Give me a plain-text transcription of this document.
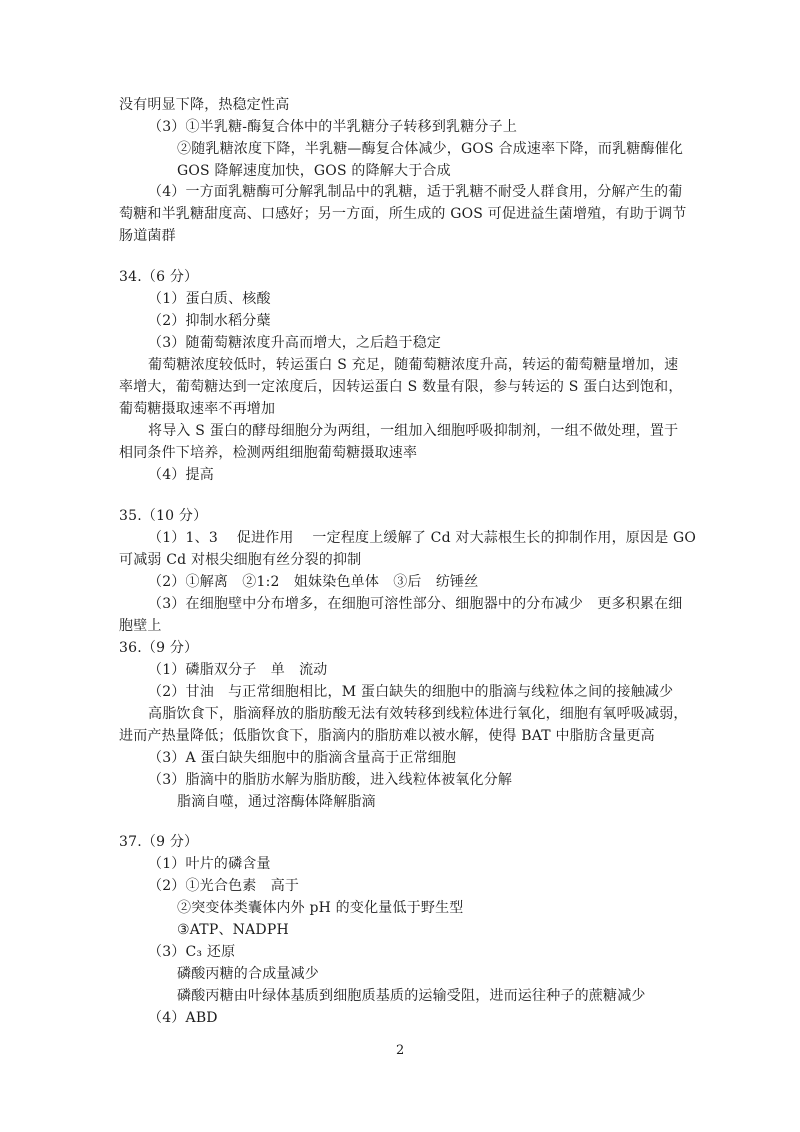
没有明显下降，热稳定性高
（3）①半乳糖-酶复合体中的半乳糖分子转移到乳糖分子上
②随乳糖浓度下降，半乳糖—酶复合体减少，GOS 合成速率下降，而乳糖酶催化
GOS 降解速度加快，GOS 的降解大于合成
（4）一方面乳糖酶可分解乳制品中的乳糖，适于乳糖不耐受人群食用，分解产生的葡
萄糖和半乳糖甜度高、口感好；另一方面，所生成的 GOS 可促进益生菌增殖，有助于调节
肠道菌群
34.（6 分）
（1）蛋白质、核酸
（2）抑制水稻分蘖
（3）随葡萄糖浓度升高而增大，之后趋于稳定
葡萄糖浓度较低时，转运蛋白 S 充足，随葡萄糖浓度升高，转运的葡萄糖量增加，速
率增大，葡萄糖达到一定浓度后，因转运蛋白 S 数量有限，参与转运的 S 蛋白达到饱和，
葡萄糖摄取速率不再增加
将导入 S 蛋白的酵母细胞分为两组，一组加入细胞呼吸抑制剂，一组不做处理，置于
相同条件下培养，检测两组细胞葡萄糖摄取速率
（4）提高
35.（10 分）
（1）1、3　 促进作用　 一定程度上缓解了 Cd 对大蒜根生长的抑制作用，原因是 GO
可减弱 Cd 对根尖细胞有丝分裂的抑制
（2）①解离　②1:2　姐妹染色单体　③后　纺锤丝
（3）在细胞壁中分布增多，在细胞可溶性部分、细胞器中的分布减少　更多积累在细
胞壁上
36.（9 分）
（1）磷脂双分子　单　流动
（2）甘油　与正常细胞相比，M 蛋白缺失的细胞中的脂滴与线粒体之间的接触减少
高脂饮食下，脂滴释放的脂肪酸无法有效转移到线粒体进行氧化，细胞有氧呼吸减弱，
进而产热量降低；低脂饮食下，脂滴内的脂肪难以被水解，使得 BAT 中脂肪含量更高
（3）A 蛋白缺失细胞中的脂滴含量高于正常细胞
（3）脂滴中的脂肪水解为脂肪酸，进入线粒体被氧化分解
脂滴自噬，通过溶酶体降解脂滴
37.（9 分）
（1）叶片的磷含量
（2）①光合色素　高于
②突变体类囊体内外 pH 的变化量低于野生型
③ATP、NADPH
（3）C₃ 还原
磷酸丙糖的合成量减少
磷酸丙糖由叶绿体基质到细胞质基质的运输受阻，进而运往种子的蔗糖减少
（4）ABD
2
